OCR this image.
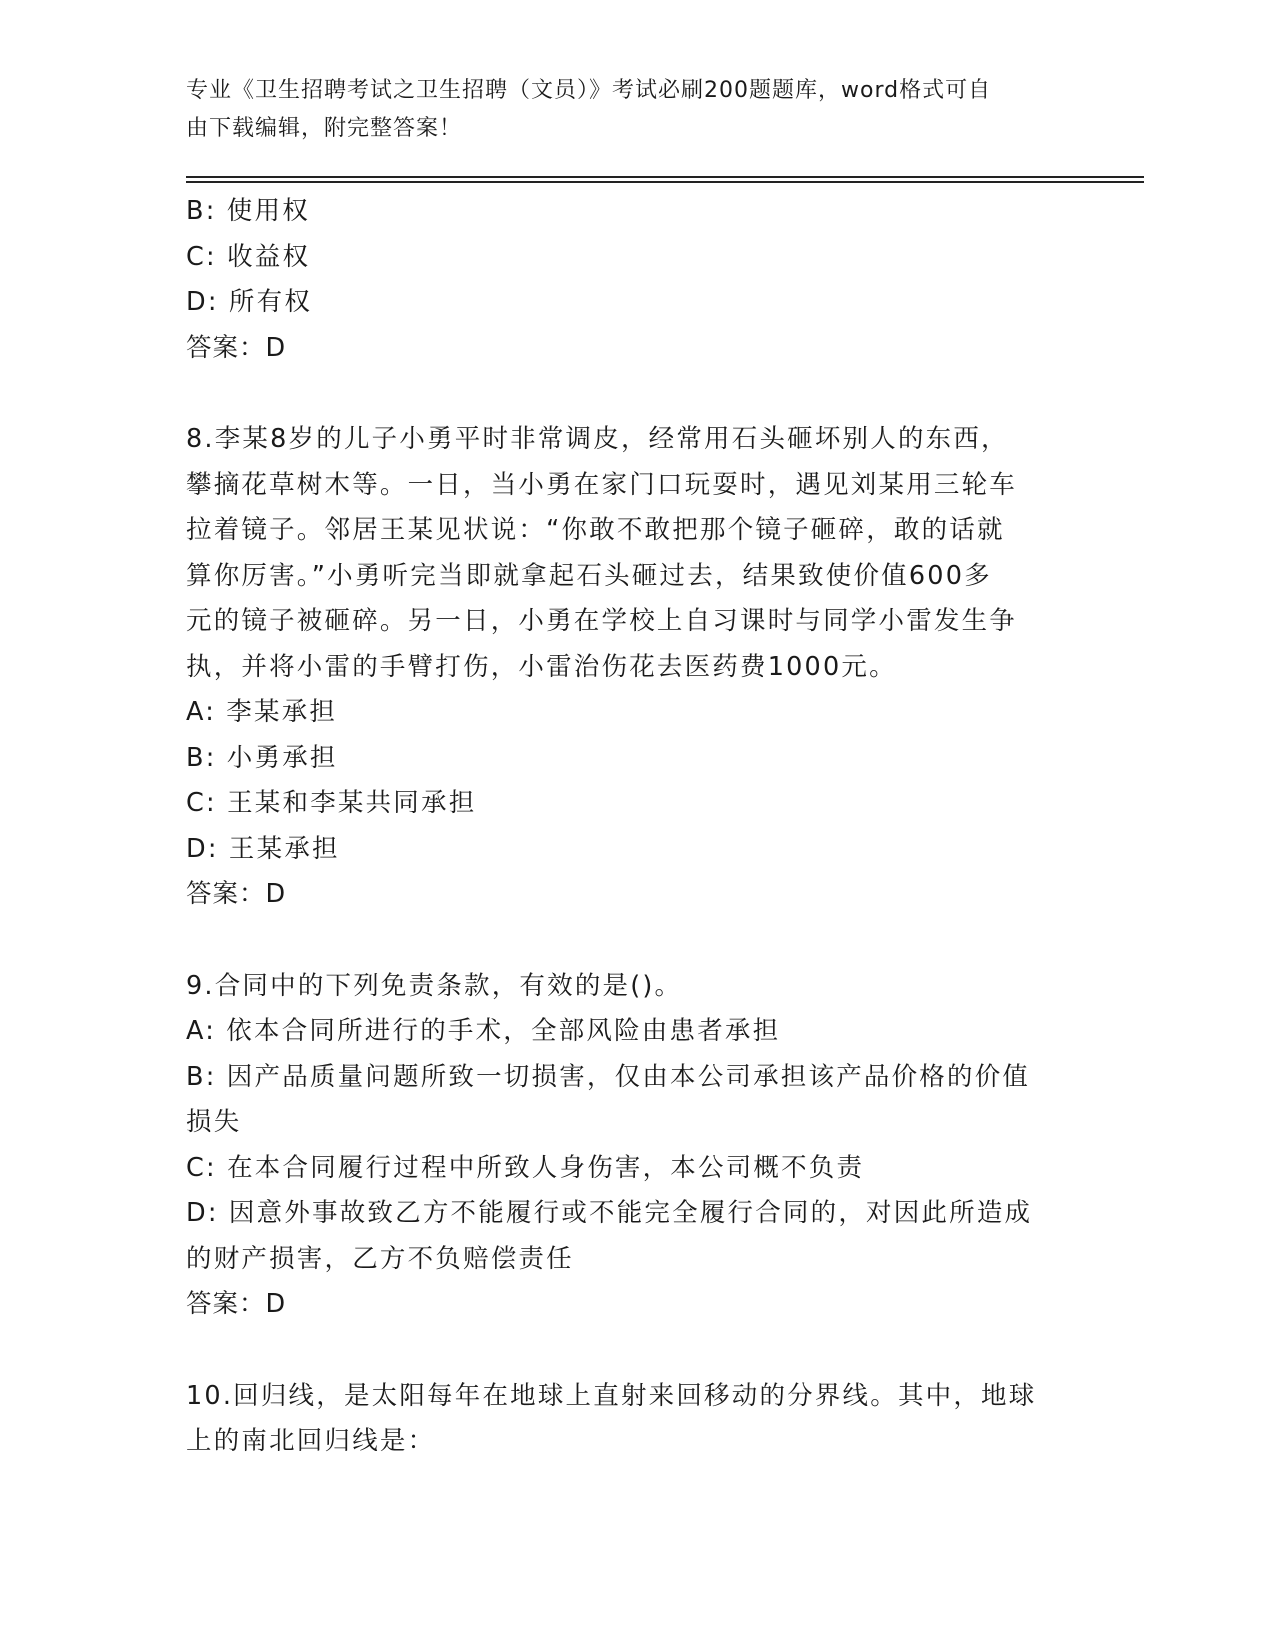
专业《卫生招聘考试之卫生招聘（文员）》考试必刷200题题库，word格式可自
由下载编辑，附完整答案！

B: 使用权

C: 收益权

D: 所有权

答案：D

8.李某8岁的儿子小勇平时非常调皮，经常用石头砸坏别人的东西，

攀摘花草树木等。一日，当小勇在家门口玩耍时，遇见刘某用三轮车

拉着镜子。邻居王某见状说：“你敢不敢把那个镜子砸碎，敢的话就

算你厉害。”小勇听完当即就拿起石头砸过去，结果致使价值600多

元的镜子被砸碎。另一日，小勇在学校上自习课时与同学小雷发生争

执，并将小雷的手臂打伤，小雷治伤花去医药费1000元。

A: 李某承担

B: 小勇承担

C: 王某和李某共同承担

D: 王某承担

答案：D

9.合同中的下列免责条款，有效的是()。

A: 依本合同所进行的手术，全部风险由患者承担

B: 因产品质量问题所致一切损害，仅由本公司承担该产品价格的价值

损失

C: 在本合同履行过程中所致人身伤害，本公司概不负责

D: 因意外事故致乙方不能履行或不能完全履行合同的，对因此所造成

的财产损害，乙方不负赔偿责任

答案：D

10.回归线，是太阳每年在地球上直射来回移动的分界线。其中，地球

上的南北回归线是：
